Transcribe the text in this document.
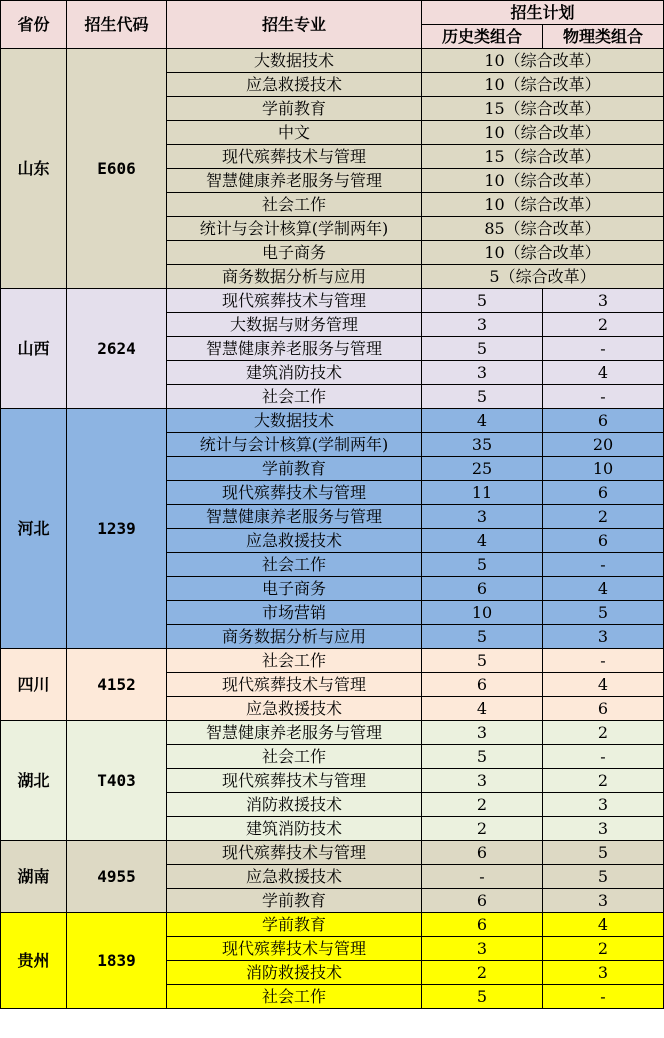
省份	招生代码	招生专业	招生计划	
			历史类组合	物理类组合
山东	E606	大数据技术	10（综合改革）	
		应急救援技术	10（综合改革）	
		学前教育	15（综合改革）	
		中文	10（综合改革）	
		现代殡葬技术与管理	15（综合改革）	
		智慧健康养老服务与管理	10（综合改革）	
		社会工作	10（综合改革）	
		统计与会计核算(学制两年)	85（综合改革）	
		电子商务	10（综合改革）	
		商务数据分析与应用	5（综合改革）	
山西	2624	现代殡葬技术与管理	5	3
		大数据与财务管理	3	2
		智慧健康养老服务与管理	5	-
		建筑消防技术	3	4
		社会工作	5	-
河北	1239	大数据技术	4	6
		统计与会计核算(学制两年)	35	20
		学前教育	25	10
		现代殡葬技术与管理	11	6
		智慧健康养老服务与管理	3	2
		应急救援技术	4	6
		社会工作	5	-
		电子商务	6	4
		市场营销	10	5
		商务数据分析与应用	5	3
四川	4152	社会工作	5	-
		现代殡葬技术与管理	6	4
		应急救援技术	4	6
湖北	T403	智慧健康养老服务与管理	3	2
		社会工作	5	-
		现代殡葬技术与管理	3	2
		消防救援技术	2	3
		建筑消防技术	2	3
湖南	4955	现代殡葬技术与管理	6	5
		应急救援技术	-	5
		学前教育	6	3
贵州	1839	学前教育	6	4
		现代殡葬技术与管理	3	2
		消防救援技术	2	3
		社会工作	5	-
